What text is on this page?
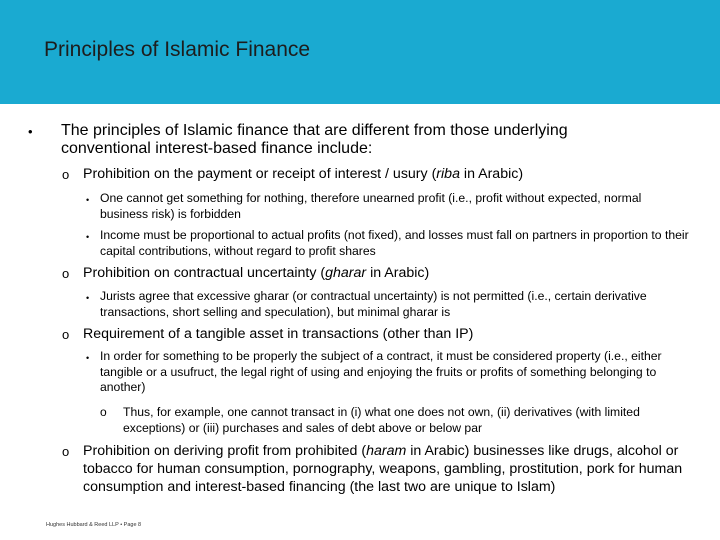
Principles of Islamic Finance
• The principles of Islamic finance that are different from those underlying conventional interest-based finance include:
o Prohibition on the payment or receipt of interest / usury (riba in Arabic)
• One cannot get something for nothing, therefore unearned profit (i.e., profit without expected, normal business risk) is forbidden
• Income must be proportional to actual profits (not fixed), and losses must fall on partners in proportion to their capital contributions, without regard to profit shares
o Prohibition on contractual uncertainty (gharar in Arabic)
• Jurists agree that excessive gharar (or contractual uncertainty) is not permitted (i.e., certain derivative transactions, short selling and speculation), but minimal gharar is
o Requirement of a tangible asset in transactions (other than IP)
• In order for something to be properly the subject of a contract, it must be considered property (i.e., either tangible or a usufruct, the legal right of using and enjoying the fruits or profits of something belonging to another)
o Thus, for example, one cannot transact in (i) what one does not own, (ii) derivatives (with limited exceptions) or (iii) purchases and sales of debt above or below par
o Prohibition on deriving profit from prohibited (haram in Arabic) businesses like drugs, alcohol or tobacco for human consumption, pornography, weapons, gambling, prostitution, pork for human consumption and interest-based financing (the last two are unique to Islam)
Hughes Hubbard & Reed LLP • Page 8
